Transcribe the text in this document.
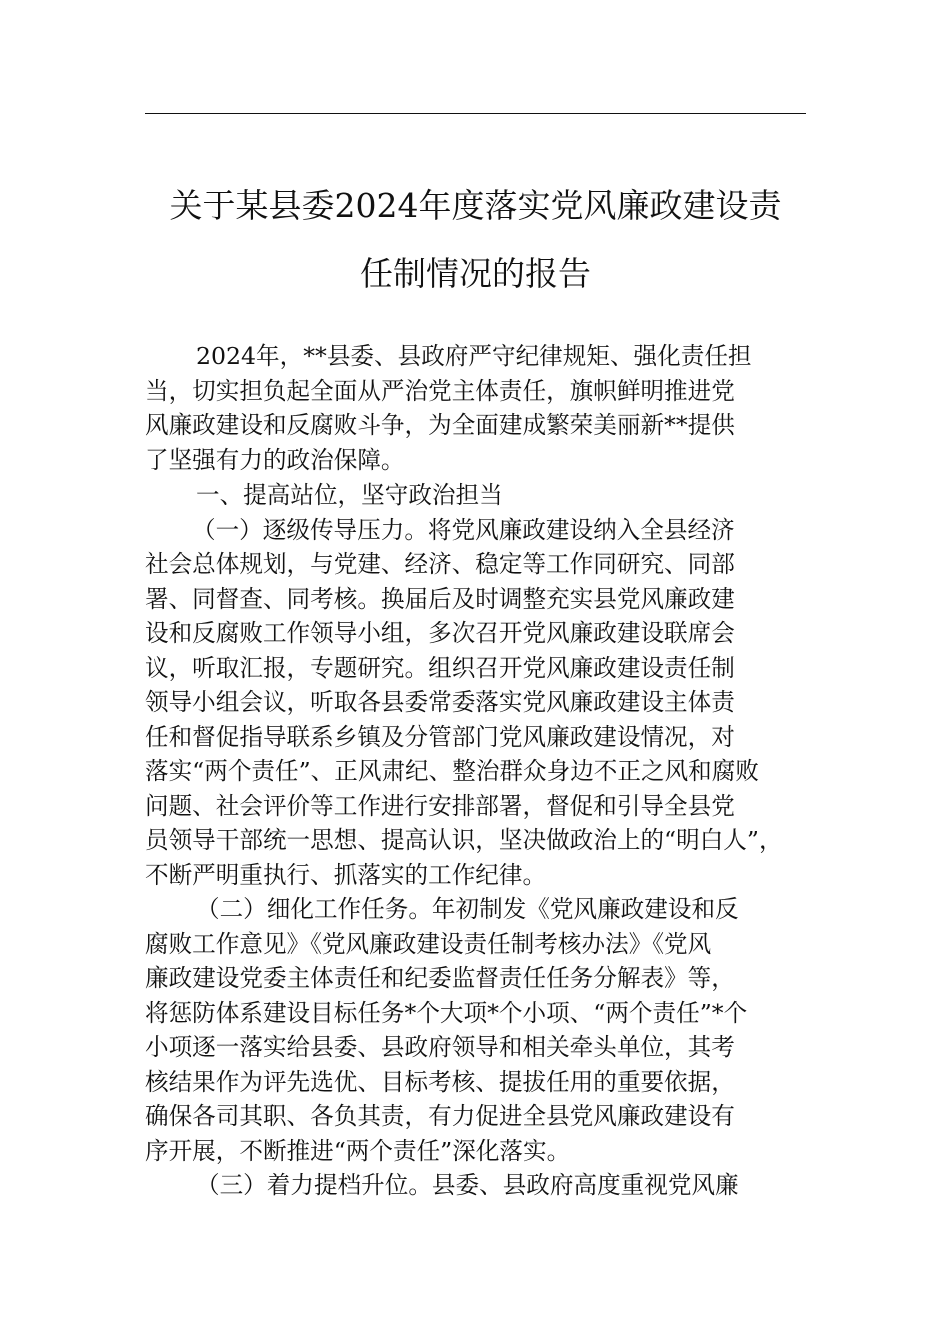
关于某县委2024年度落实党风廉政建设责
任制情况的报告
2024年，**县委、县政府严守纪律规矩、强化责任担
当，切实担负起全面从严治党主体责任，旗帜鲜明推进党
风廉政建设和反腐败斗争，为全面建成繁荣美丽新**提供
了坚强有力的政治保障。
一、提高站位，坚守政治担当
（一）逐级传导压力。将党风廉政建设纳入全县经济
社会总体规划，与党建、经济、稳定等工作同研究、同部
署、同督查、同考核。换届后及时调整充实县党风廉政建
设和反腐败工作领导小组，多次召开党风廉政建设联席会
议，听取汇报，专题研究。组织召开党风廉政建设责任制
领导小组会议，听取各县委常委落实党风廉政建设主体责
任和督促指导联系乡镇及分管部门党风廉政建设情况，对
落实“两个责任”、正风肃纪、整治群众身边不正之风和腐败
问题、社会评价等工作进行安排部署，督促和引导全县党
员领导干部统一思想、提高认识，坚决做政治上的“明白人”，
不断严明重执行、抓落实的工作纪律。
（二）细化工作任务。年初制发《党风廉政建设和反
腐败工作意见》《党风廉政建设责任制考核办法》《党风
廉政建设党委主体责任和纪委监督责任任务分解表》等，
将惩防体系建设目标任务*个大项*个小项、“两个责任”*个
小项逐一落实给县委、县政府领导和相关牵头单位，其考
核结果作为评先选优、目标考核、提拔任用的重要依据，
确保各司其职、各负其责，有力促进全县党风廉政建设有
序开展，不断推进“两个责任”深化落实。
（三）着力提档升位。县委、县政府高度重视党风廉
